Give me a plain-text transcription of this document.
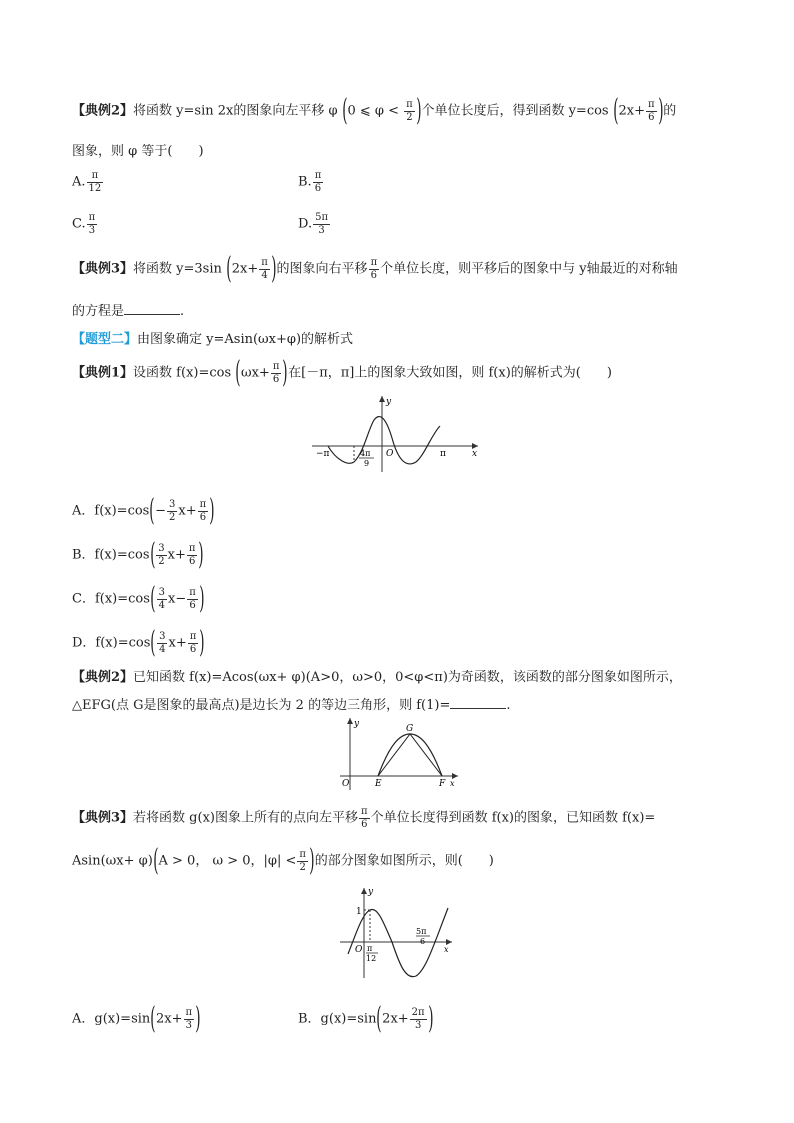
【典例2】将函数 y=sin 2x的图象向左平移 φ (0 ⩽ $\varphi < \frac{\pi}{2}$ )个单位长度后，得到函数 y=cos ($2x+ \frac{\pi}{6}$ )的
图象，则 φ 等于(　　)
A. $\frac{\pi}{12}$	B. $\frac{\pi}{6}$
C. $\frac{\pi}{3}$	D. $\frac{5\pi}{3}$
【典例3】将函数 y=3sin ($2x+ \frac{\pi}{4}$ )的图象向右平移 $\frac{\pi}{6}$ 个单位长度，则平移后的图象中与 y轴最近的对称轴
的方程是	.
【题型二】由图象确定 y=Asin(ωx+φ)的解析式
【典例1】设函数 f(x)=cos ($\omega x+ \frac{\pi}{6}$ )在[－π，π]上的图象大致如图，则 f(x)的解析式为(　　)
−π	4π
9
O	π	x
y
A．$f(x)=\cos(- \frac{3}{2} x+ \frac{\pi}{6}$ )
B．$f(x)=\cos( \frac{3}{2} x+ \frac{\pi}{6}$ )
C．$f(x)=\cos( \frac{3}{4} x- \frac{\pi}{6}$ )
D．$f(x)=\cos( \frac{3}{4} x+ \frac{\pi}{6}$ )
【典例2】已知函数 f(x)=Acos(ωx+ φ)(A>0，ω>0，0<φ<π)为奇函数，该函数的部分图象如图所示，
△EFG(点 G是图象的最高点)是边长为 2 的等边三角形，则 f(1)=	.
y	G
O	E	F x
【典例3】若将函数 g(x)图象上所有的点向左平移 $\frac{\pi}{6}$ 个单位长度得到函数 f(x)的图象，已知函数 f(x)=
Asin(ωx+ φ)(A > 0， ω > 0，$|\varphi| < \frac{\pi}{2}$ )的部分图象如图所示，则(　　)
y
1
O π
12
5π
6
x
A．$g(x)=\sin(2x+ \frac{\pi}{3}$ )	B．$g(x)=\sin(2x+ \frac{2\pi}{3}$ )
